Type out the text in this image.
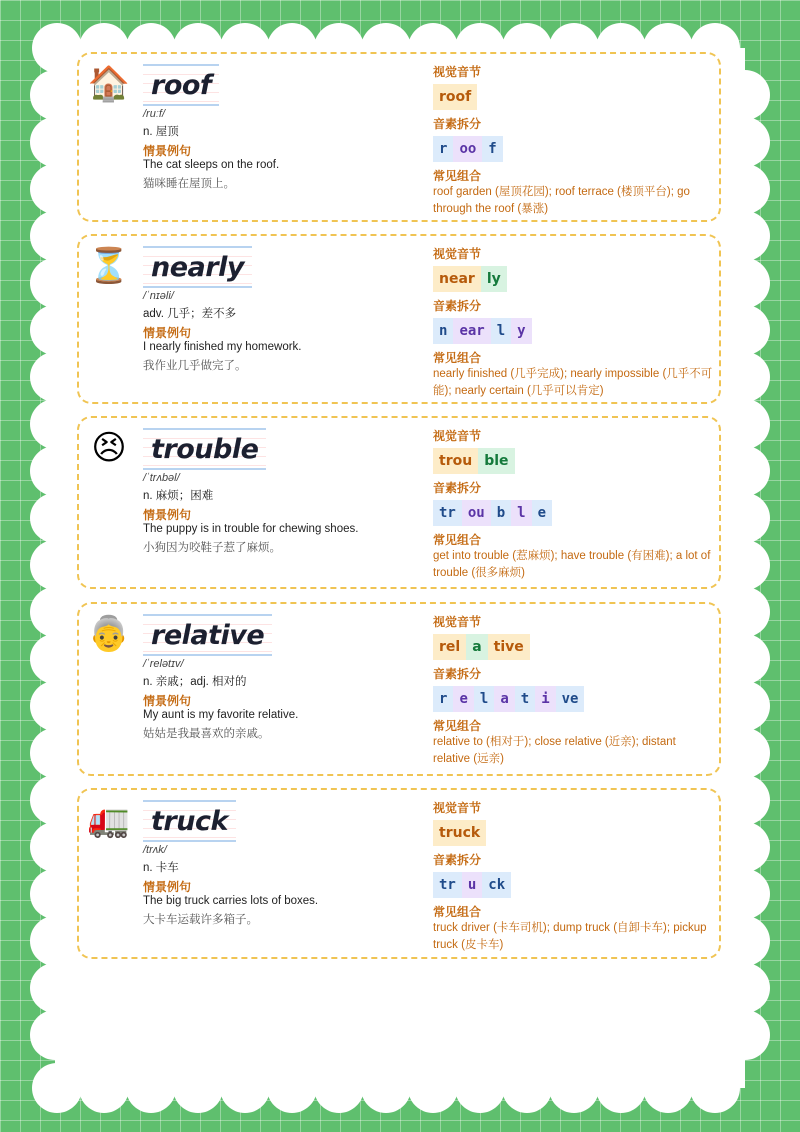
🏠 roof
/ruːf/
n. 屋顶
情景例句
The cat sleeps on the roof.
猫咪睡在屋顶上。
视觉音节
roof
音素拆分
r oo f
常见组合
roof garden (屋顶花园); roof terrace (楼顶平台); go through the roof (暴涨)
⏳ nearly
/ˈnɪəli/
adv. 几乎；差不多
情景例句
I nearly finished my homework.
我作业几乎做完了。
视觉音节
near ly
音素拆分
n ear l y
常见组合
nearly finished (几乎完成); nearly impossible (几乎不可能); nearly certain (几乎可以肯定)
😣 trouble
/ˈtrʌbəl/
n. 麻烦；困难
情景例句
The puppy is in trouble for chewing shoes.
小狗因为咬鞋子惹了麻烦。
视觉音节
trou ble
音素拆分
tr ou b l e
常见组合
get into trouble (惹麻烦); have trouble (有困难); a lot of trouble (很多麻烦)
👵 relative
/ˈrelətɪv/
n. 亲戚；adj. 相对的
情景例句
My aunt is my favorite relative.
姑姑是我最喜欢的亲戚。
视觉音节
rel a tive
音素拆分
r e l a t i ve
常见组合
relative to (相对于); close relative (近亲); distant relative (远亲)
🚛 truck
/trʌk/
n. 卡车
情景例句
The big truck carries lots of boxes.
大卡车运载许多箱子。
视觉音节
truck
音素拆分
tr u ck
常见组合
truck driver (卡车司机); dump truck (自卸卡车); pickup truck (皮卡车)
